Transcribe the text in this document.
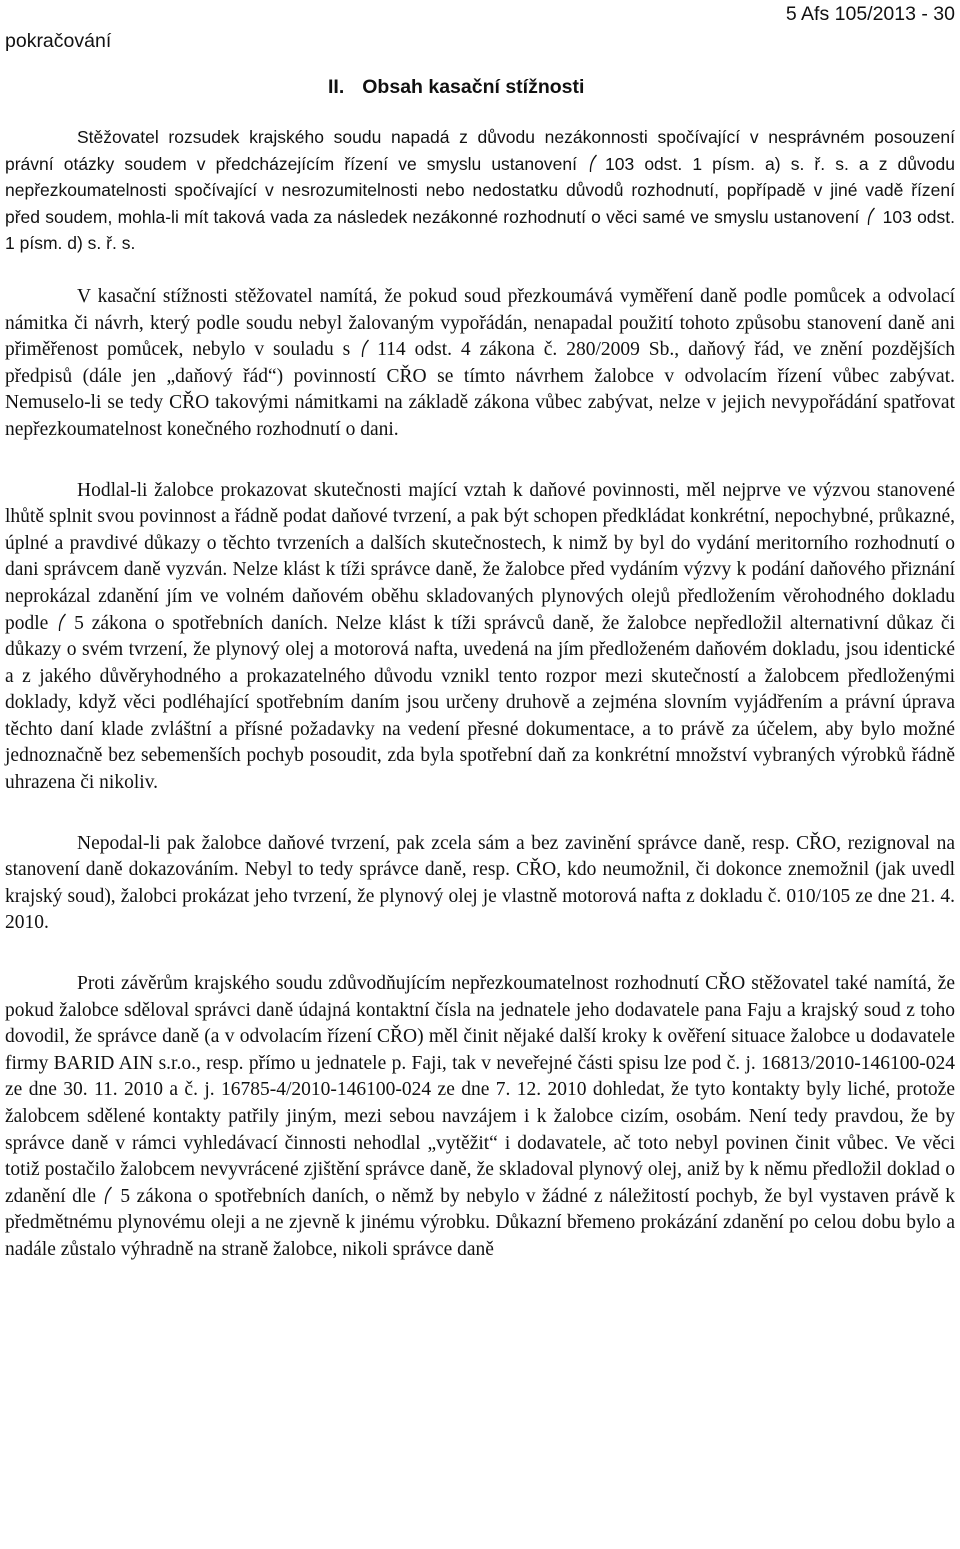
pokračování
5 Afs 105/2013 - 30
II. Obsah kasační stížnosti

Stěžovatel rozsudek krajského soudu napadá z důvodu nezákonnosti spočívající v nesprávném posouzení právní otázky soudem v předcházejícím řízení ve smyslu ustanovení 103 odst. 1 písm. a) s. ř. s. a z důvodu nepřezkoumatelnosti spočívající v nesrozumitelnosti nebo nedostatku důvodů rozhodnutí, popřípadě v jiné vadě řízení před soudem, mohla-li mít taková vada za následek nezákonné rozhodnutí o věci samé ve smyslu ustanovení 103 odst. 1 písm. d) s. ř. s.

V kasační stížnosti stěžovatel namítá, že pokud soud přezkoumává vyměření daně podle pomůcek a odvolací námitka či návrh, který podle soudu nebyl žalovaným vypořádán, nenapadal použití tohoto způsobu stanovení daně ani přiměřenost pomůcek, nebylo v souladu s 114 odst. 4 zákona č. 280/2009 Sb., daňový řád, ve znění pozdějších předpisů (dále jen „daňový řád“) povinností CŘO se tímto návrhem žalobce v odvolacím řízení vůbec zabývat. Nemuselo-li se tedy CŘO takovými námitkami na základě zákona vůbec zabývat, nelze v jejich nevypořádání spatřovat nepřezkoumatelnost konečného rozhodnutí o dani.

Hodlal-li žalobce prokazovat skutečnosti mající vztah k daňové povinnosti, měl nejprve ve výzvou stanovené lhůtě splnit svou povinnost a řádně podat daňové tvrzení, a pak být schopen předkládat konkrétní, nepochybné, průkazné, úplné a pravdivé důkazy o těchto tvrzeních a dalších skutečnostech, k nimž by byl do vydání meritorního rozhodnutí o dani správcem daně vyzván. Nelze klást k tíži správce daně, že žalobce před vydáním výzvy k podání daňového přiznání neprokázal zdanění jím ve volném daňovém oběhu skladovaných plynových olejů předložením věrohodného dokladu podle 5 zákona o spotřebních daních. Nelze klást k tíži správců daně, že žalobce nepředložil alternativní důkaz či důkazy o svém tvrzení, že plynový olej a motorová nafta, uvedená na jím předloženém daňovém dokladu, jsou identické a z jakého důvěryhodného a prokazatelného důvodu vznikl tento rozpor mezi skutečností a žalobcem předloženými doklady, když věci podléhající spotřebním daním jsou určeny druhově a zejména slovním vyjádřením a právní úprava těchto daní klade zvláštní a přísné požadavky na vedení přesné dokumentace, a to právě za účelem, aby bylo možné jednoznačně bez sebemenších pochyb posoudit, zda byla spotřební daň za konkrétní množství vybraných výrobků řádně uhrazena či nikoliv.

Nepodal-li pak žalobce daňové tvrzení, pak zcela sám a bez zavinění správce daně, resp. CŘO, rezignoval na stanovení daně dokazováním. Nebyl to tedy správce daně, resp. CŘO, kdo neumožnil, či dokonce znemožnil (jak uvedl krajský soud), žalobci prokázat jeho tvrzení, že plynový olej je vlastně motorová nafta z dokladu č. 010/105 ze dne 21. 4. 2010.

Proti závěrům krajského soudu zdůvodňujícím nepřezkoumatelnost rozhodnutí CŘO stěžovatel také namítá, že pokud žalobce sděloval správci daně údajná kontaktní čísla na jednatele jeho dodavatele pana Faju a krajský soud z toho dovodil, že správce daně (a v odvolacím řízení CŘO) měl činit nějaké další kroky k ověření situace žalobce u dodavatele firmy BARID AIN s.r.o., resp. přímo u jednatele p. Faji, tak v neveřejné části spisu lze pod č. j. 16813/2010-146100-024 ze dne 30. 11. 2010 a č. j. 16785-4/2010-146100-024 ze dne 7. 12. 2010 dohledat, že tyto kontakty byly liché, protože žalobcem sdělené kontakty patřily jiným, mezi sebou navzájem i k žalobce cizím, osobám. Není tedy pravdou, že by správce daně v rámci vyhledávací činnosti nehodlal „vytěžit“ i dodavatele, ač toto nebyl povinen činit vůbec. Ve věci totiž postačilo žalobcem nevyvrácené zjištění správce daně, že skladoval plynový olej, aniž by k němu předložil doklad o zdanění dle 5 zákona o spotřebních daních, o němž by nebylo v žádné z náležitostí pochyb, že byl vystaven právě k předmětnému plynovému oleji a ne zjevně k jinému výrobku. Důkazní břemeno prokázání zdanění po celou dobu bylo a nadále zůstalo výhradně na straně žalobce, nikoli správce daně
